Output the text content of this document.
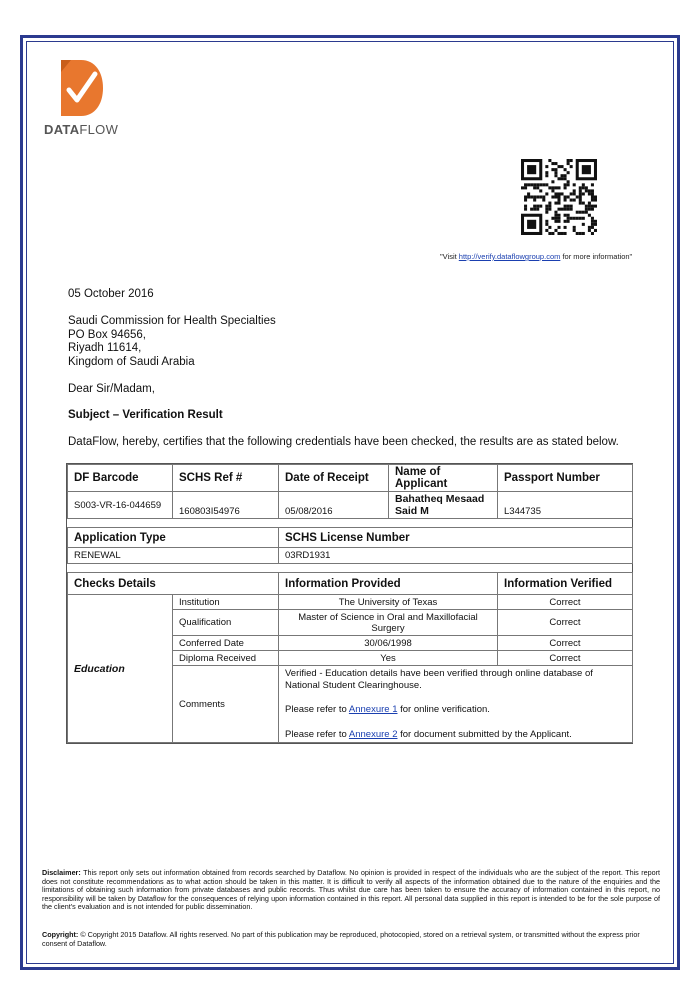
DATAFLOW
"Visit http://verify.dataflowgroup.com for more information"
05 October 2016
Saudi Commission for Health Specialties
PO Box 94656,
Riyadh 11614,
Kingdom of Saudi Arabia
Dear Sir/Madam,
Subject – Verification Result
DataFlow, hereby, certifies that the following credentials have been checked, the results are as stated below.
DF Barcode	SCHS Ref #	Date of Receipt	Name of Applicant	Passport Number
S003-VR-16-044659	160803I54976	05/08/2016	Bahatheq Mesaad Said M	L344735

Application Type		SCHS License Number		
RENEWAL		03RD1931		

Checks Details		Information Provided		Information Verified
Education	Institution	The University of Texas		Correct
	Qualification	Master of Science in Oral and Maxillofacial Surgery		Correct
	Conferred Date	30/06/1998		Correct
	Diploma Received	Yes		Correct
	Comments	Verified - Education details have been verified through online database of National Student Clearinghouse.
Please refer to Annexure 1 for online verification.
Please refer to Annexure 2 for document submitted by the Applicant.		
Disclaimer: This report only sets out information obtained from records searched by Dataflow. No opinion is provided in respect of the individuals who are the subject of the report. This report does not constitute recommendations as to what action should be taken in this matter. It is difficult to verify all aspects of the information obtained due to the nature of the enquiries and the limitations of obtaining such information from private databases and public records. Thus whilst due care has been taken to ensure the accuracy of information contained in this report, no responsibility will be taken by Dataflow for the consequences of relying upon information contained in this report. All personal data supplied in this report is intended to be for the sole purpose of the client's evaluation and is not intended for public dissemination.
Copyright: © Copyright 2015 Dataflow. All rights reserved. No part of this publication may be reproduced, photocopied, stored on a retrieval system, or transmitted without the express prior consent of Dataflow.
